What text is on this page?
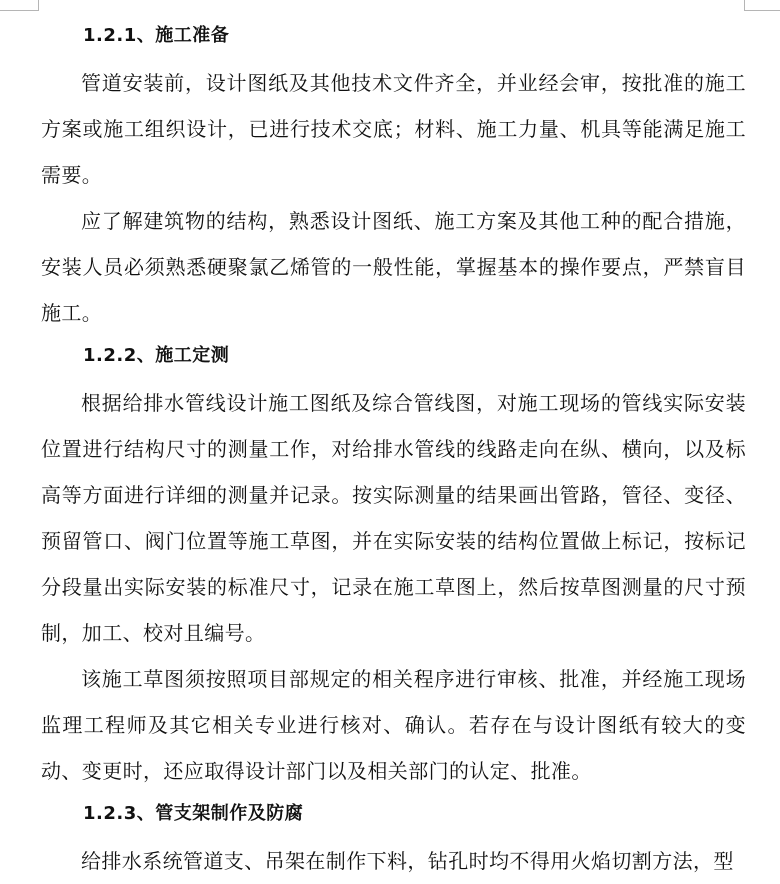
1.2.1、施工准备

管道安装前，设计图纸及其他技术文件齐全，并业经会审，按批准的施工方案或施工组织设计，已进行技术交底；材料、施工力量、机具等能满足施工需要。

应了解建筑物的结构，熟悉设计图纸、施工方案及其他工种的配合措施，安装人员必须熟悉硬聚氯乙烯管的一般性能，掌握基本的操作要点，严禁盲目施工。

1.2.2、施工定测

根据给排水管线设计施工图纸及综合管线图，对施工现场的管线实际安装位置进行结构尺寸的测量工作，对给排水管线的线路走向在纵、横向，以及标高等方面进行详细的测量并记录。按实际测量的结果画出管路，管径、变径、预留管口、阀门位置等施工草图，并在实际安装的结构位置做上标记，按标记分段量出实际安装的标准尺寸，记录在施工草图上，然后按草图测量的尺寸预制，加工、校对且编号。

该施工草图须按照项目部规定的相关程序进行审核、批准，并经施工现场监理工程师及其它相关专业进行核对、确认。若存在与设计图纸有较大的变动、变更时，还应取得设计部门以及相关部门的认定、批准。

1.2.3、管支架制作及防腐

给排水系统管道支、吊架在制作下料，钻孔时均不得用火焰切割方法，型
